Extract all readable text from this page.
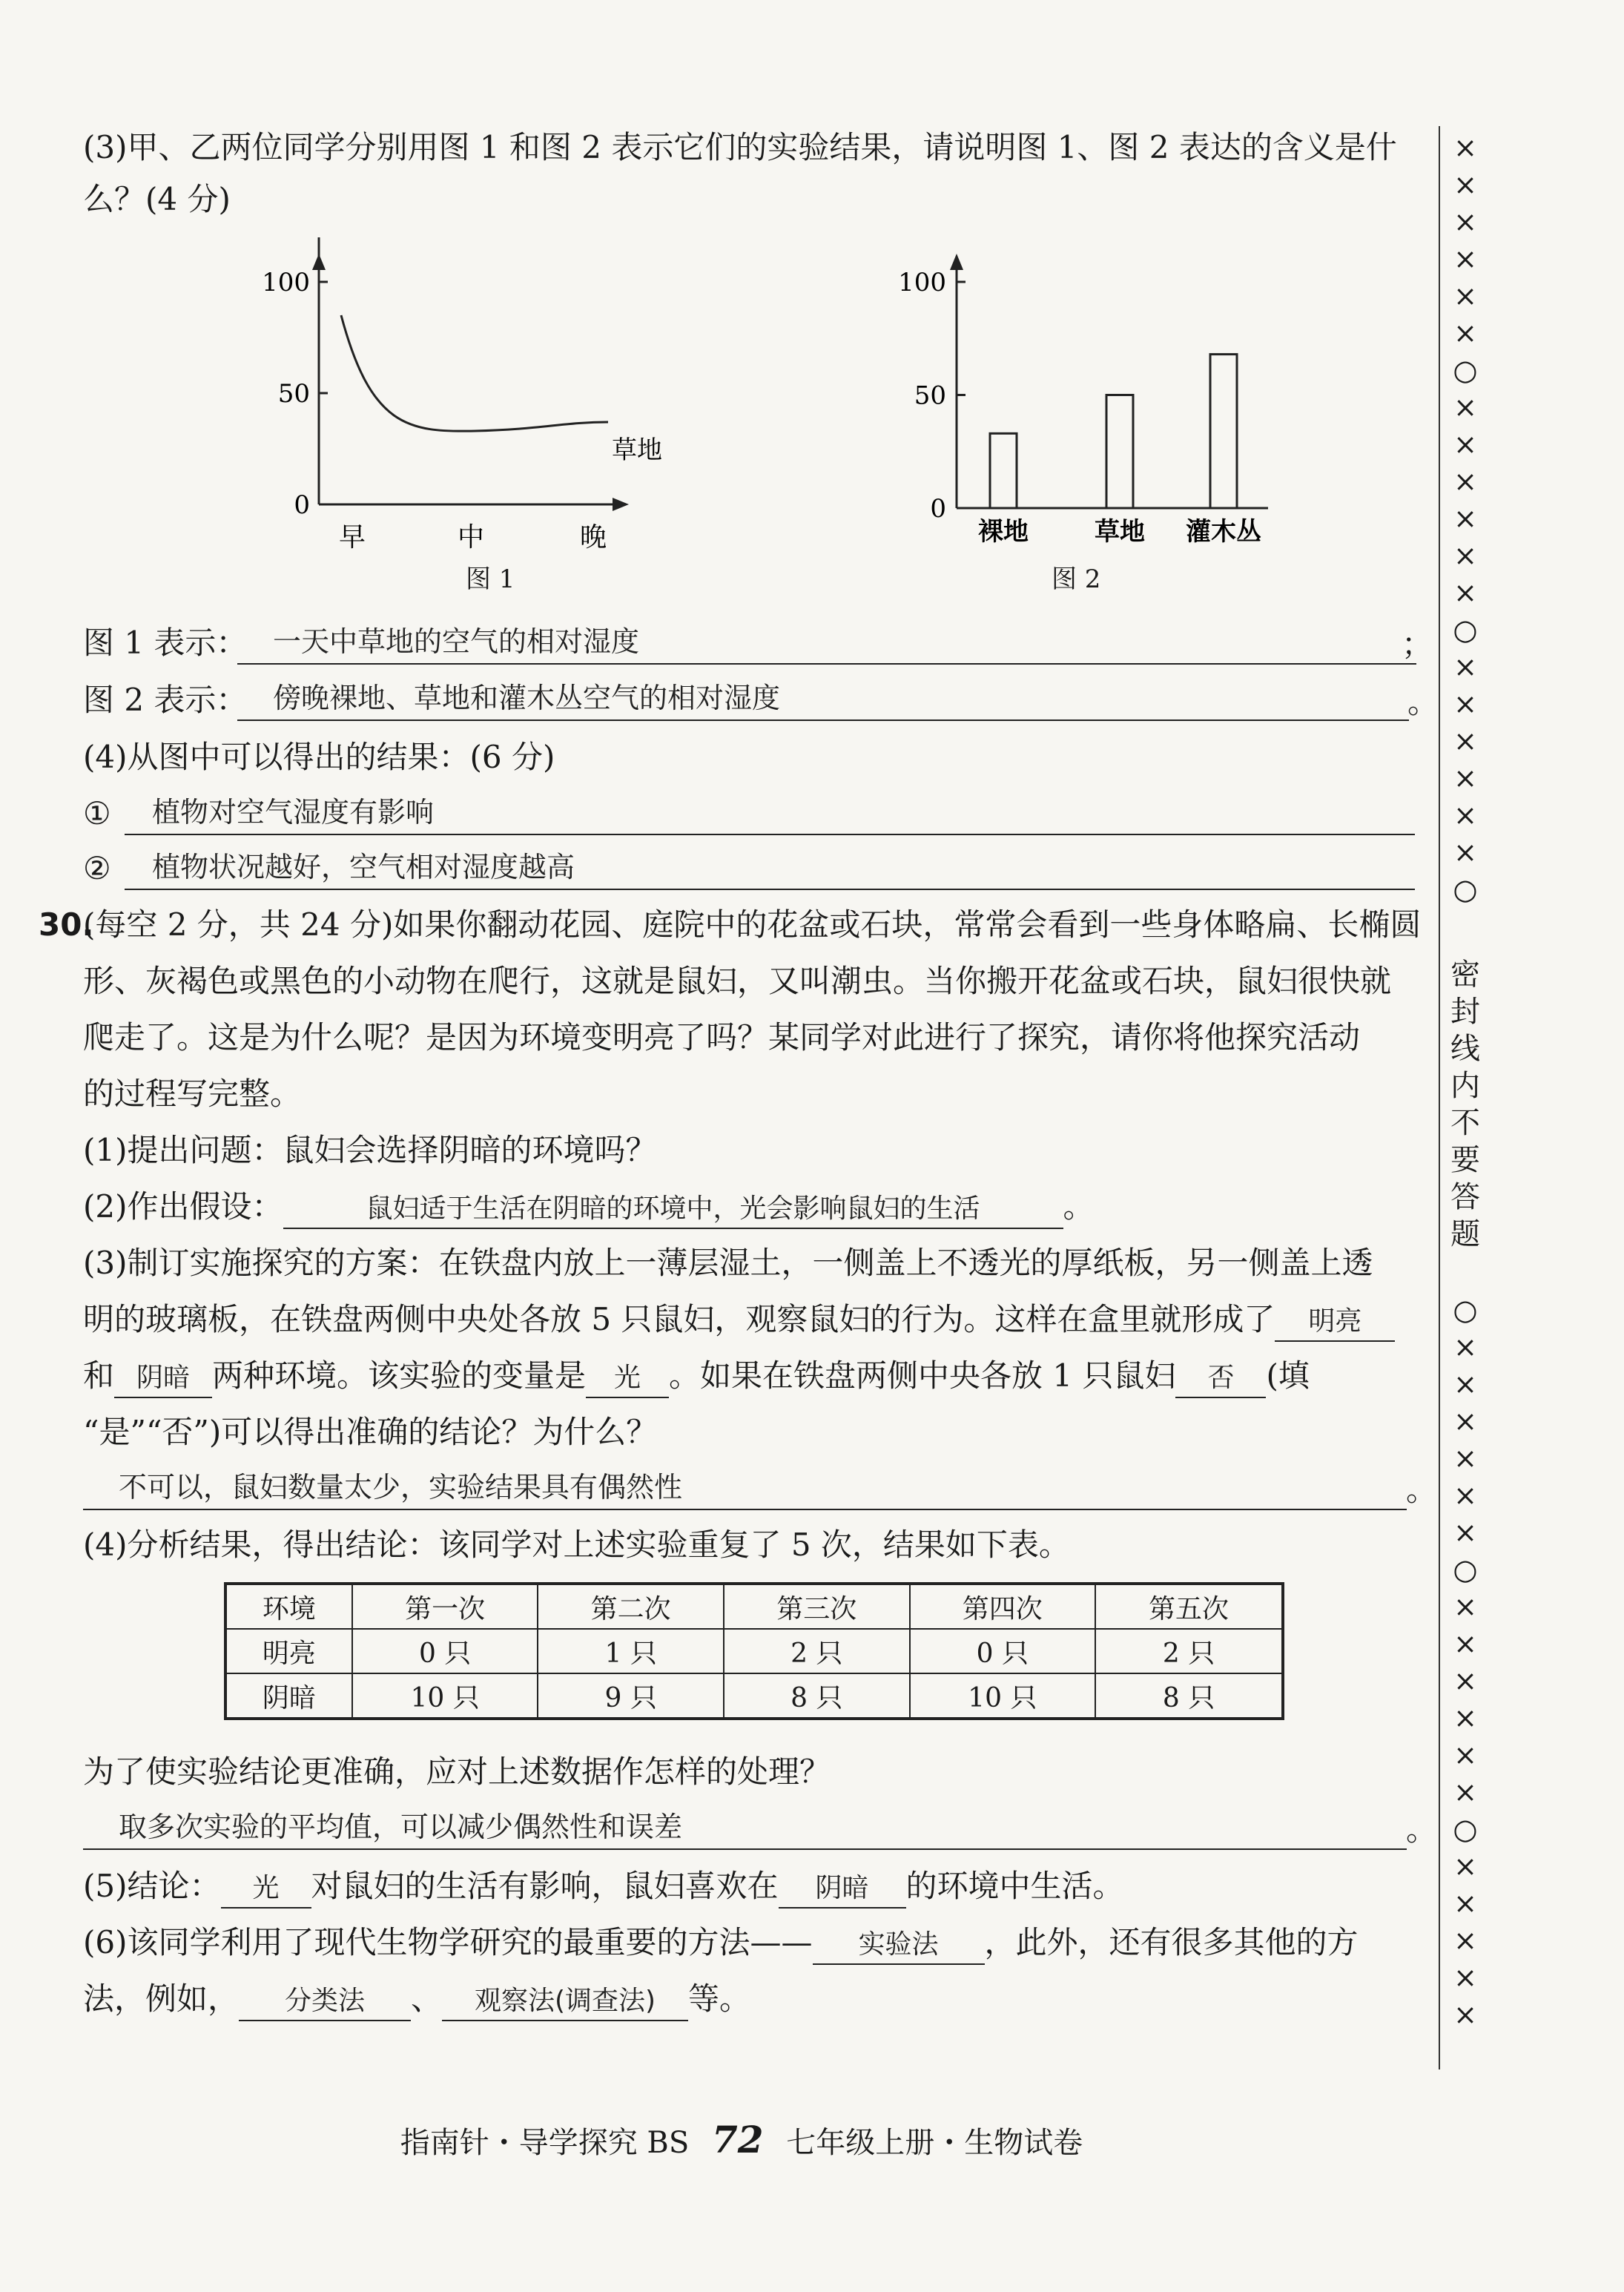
(3)甲、乙两位同学分别用图 1 和图 2 表示它们的实验结果，请说明图 1、图 2 表达的含义是什
么？(4 分)
100
50
0
草地
早	中	晚
图 1
100
50
0
裸地	草地 灌木丛
图 2
图 1 表示： 一天中草地的空气的相对湿度	；
图 2 表示： 傍晚裸地、草地和灌木丛空气的相对湿度	。
(4)从图中可以得出的结果：(6 分)
① 植物对空气湿度有影响
② 植物状况越好，空气相对湿度越高
30.
(每空 2 分，共 24 分)如果你翻动花园、庭院中的花盆或石块，常常会看到一些身体略扁、长椭圆
形、灰褐色或黑色的小动物在爬行，这就是鼠妇，又叫潮虫。当你搬开花盆或石块，鼠妇很快就
爬走了。这是为什么呢？是因为环境变明亮了吗？某同学对此进行了探究，请你将他探究活动
的过程写完整。
(1)提出问题：鼠妇会选择阴暗的环境吗？
(2)作出假设：	鼠妇适于生活在阴暗的环境中，光会影响鼠妇的生活	。
(3)制订实施探究的方案：在铁盘内放上一薄层湿土，一侧盖上不透光的厚纸板，另一侧盖上透
明的玻璃板，在铁盘两侧中央处各放 5 只鼠妇，观察鼠妇的行为。这样在盒里就形成了 明亮
和 阴暗 两种环境。该实验的变量是 光 。如果在铁盘两侧中央各放 1 只鼠妇 否 (填
“是”“否”)可以得出准确的结论？为什么？
不可以，鼠妇数量太少，实验结果具有偶然性	。
(4)分析结果，得出结论：该同学对上述实验重复了 5 次，结果如下表。
环境	第一次	第二次	第三次	第四次	第五次
明亮	0 只	1 只	2 只	0 只	2 只
阴暗	10 只	9 只	8 只	10 只	8 只
为了使实验结论更准确，应对上述数据作怎样的处理？
取多次实验的平均值，可以减少偶然性和误差	。
(5)结论： 光 对鼠妇的生活有影响，鼠妇喜欢在 阴暗 的环境中生活。
(6)该同学利用了现代生物学研究的最重要的方法—— 实验法 ，此外，还有很多其他的方
法，例如， 分类法 、 观察法(调查法) 等。
×
×
×
×
×
×
○
×
×
×
×
×
×
○
×
×
×
×
×
×
○
密
封
线
内
不
要
答
题
○
×
×
×
×
×
×
○
×
×
×
×
×
×
○
×
×
×
×
×
指南针・导学探究 BS 72 七年级上册・生物试卷
